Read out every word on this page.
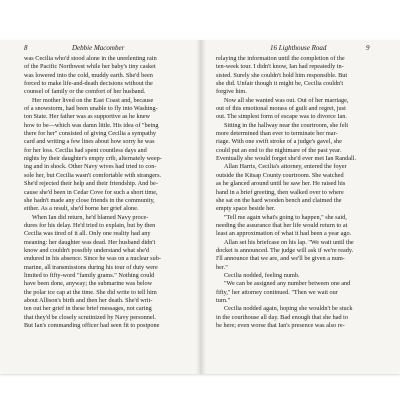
8	Debbie Macomber
was Cecilia who'd stood alone in the unrelenting rain
of the Pacific Northwest while her baby's tiny casket
was lowered into the cold, muddy earth. She'd been
forced to make life-and-death decisions without the
counsel of family or the comfort of her husband.
Her mother lived on the East Coast and, because
of a snowstorm, had been unable to fly into Washing-
ton State. Her father was as supportive as he knew
how to be—which was damn little. His idea of "being
there for her" consisted of giving Cecilia a sympathy
card and writing a few lines about how sorry he was
for her loss. Cecilia had spent countless days and
nights by their daughter's empty crib, alternately weep-
ing and in shock. Other Navy wives had tried to con-
sole her, but Cecilia wasn't comfortable with strangers.
She'd rejected their help and their friendship. And be-
cause she'd been in Cedar Cove for such a short time,
she hadn't made any close friends in the community,
either. As a result, she'd borne her grief alone.
When Ian did return, he'd blamed Navy proce-
dures for his delay. He'd tried to explain, but by then
Cecilia was tired of it all. Only one reality had any
meaning: her daughter was dead. Her husband didn't
know and couldn't possibly understand what she'd
endured in his absence. Since he was on a nuclear sub-
marine, all transmissions during his tour of duty were
limited to fifty-word "family grams." Nothing could
have been done, anyway; the submarine was below
the polar ice cap at the time. She did write to tell him
about Allison's birth and then her death. She'd writ-
ten out her grief in these brief messages, not caring
that they'd be closely scrutinized by Navy personnel.
But Ian's commanding officer had seen fit to postpone
16 Lighthouse Road	9
relaying the information until the completion of the
ten-week tour. I didn't know, Ian had repeatedly in-
sisted. Surely she couldn't hold him responsible. But
she did. Unfair though it might be, Cecilia couldn't
forgive him.
Now all she wanted was out. Out of her marriage,
out of this emotional morass of guilt and regret, just
out. The simplest form of escape was to divorce Ian.
Sitting in the hallway near the courtroom, she felt
more determined than ever to terminate her mar-
riage. With one swift stroke of a judge's gavel, she
could put an end to the nightmare of the past year.
Eventually she would forget she'd ever met Ian Randall.
Allan Harris, Cecilia's attorney, entered the foyer
outside the Kitsap County courtroom. She watched
as he glanced around until he saw her. He raised his
hand in a brief greeting, then walked over to where
she sat on the hard wooden bench and claimed the
empty space beside her.
"Tell me again what's going to happen," she said,
needing the assurance that her life would return to at
least an approximation of what it had been a year ago.
Allan set his briefcase on his lap. "We wait until the
docket is announced. The judge will ask if we're ready.
I'll announce that we are, and we'll be given a num-
ber."
Cecilia nodded, feeling numb.
"We can be assigned any number between one and
fifty," her attorney continued. "Then we wait our
turn."
Cecilia nodded again, hoping she wouldn't be stuck
in the courthouse all day. Bad enough that she had to
be here; even worse that Ian's presence was also re-
